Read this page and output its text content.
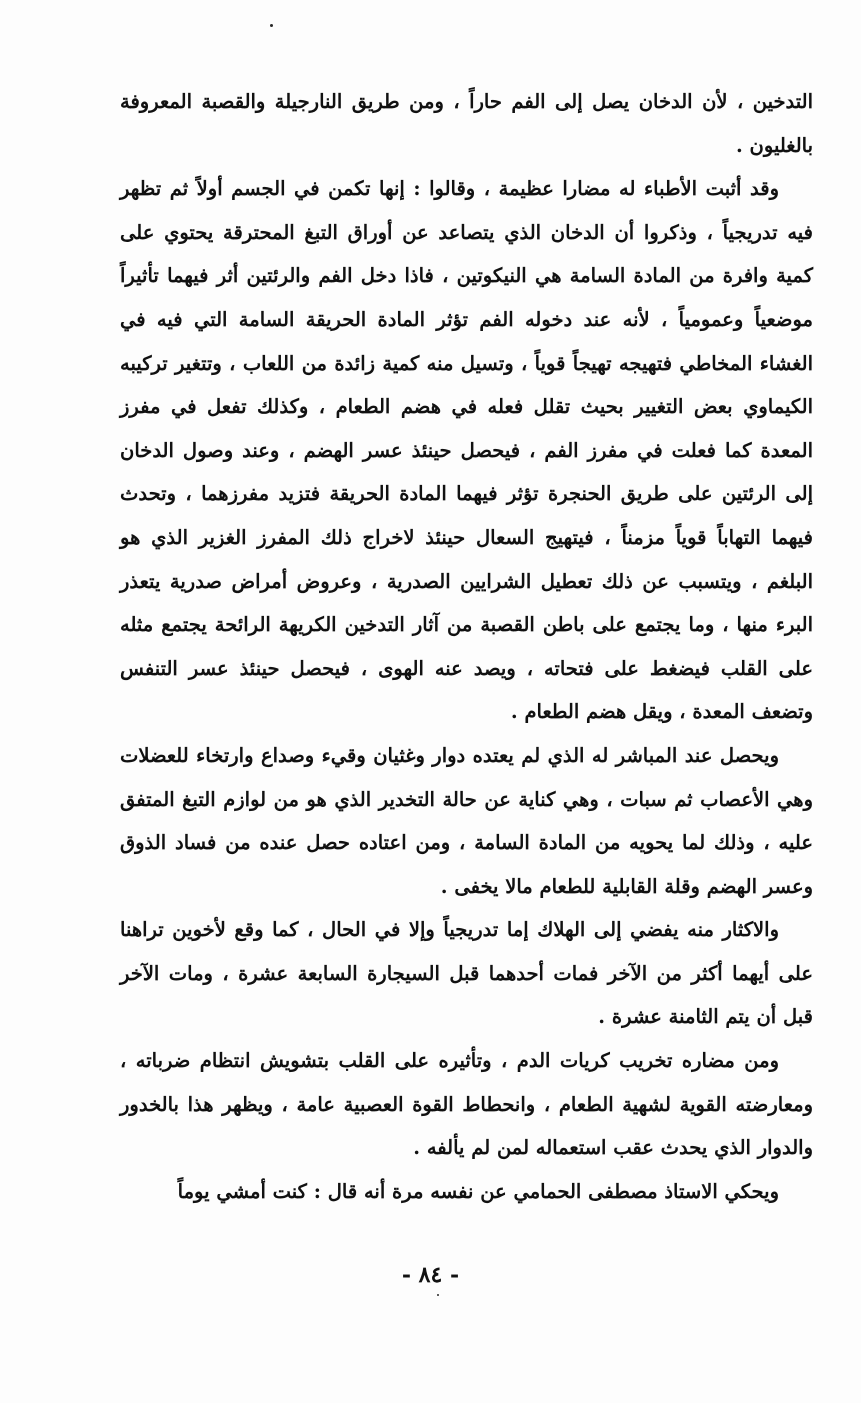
التدخين ، لأن الدخان يصل إلى الفم حاراً ، ومن طريق النارجيلة والقصبة المعروفة بالغليون .

وقد أثبت الأطباء له مضارا عظيمة ، وقالوا : إنها تكمن في الجسم أولاً ثم تظهر فيه تدريجياً ، وذكروا أن الدخان الذي يتصاعد عن أوراق التبغ المحترقة يحتوي على كمية وافرة من المادة السامة هي النيكوتين ، فاذا دخل الفم والرئتين أثر فيهما تأثيراً موضعياً وعمومياً ، لأنه عند دخوله الفم تؤثر المادة الحريقة السامة التي فيه في الغشاء المخاطي فتهيجه تهيجاً قوياً ، وتسيل منه كمية زائدة من اللعاب ، وتتغير تركيبه الكيماوي بعض التغيير بحيث تقلل فعله في هضم الطعام ، وكذلك تفعل في مفرز المعدة كما فعلت في مفرز الفم ، فيحصل حينئذ عسر الهضم ، وعند وصول الدخان إلى الرئتين على طريق الحنجرة تؤثر فيهما المادة الحريقة فتزيد مفرزهما ، وتحدث فيهما التهاباً قوياً مزمناً ، فيتهيج السعال حينئذ لاخراج ذلك المفرز الغزير الذي هو البلغم ، ويتسبب عن ذلك تعطيل الشرايين الصدرية ، وعروض أمراض صدرية يتعذر البرء منها ، وما يجتمع على باطن القصبة من آثار التدخين الكريهة الرائحة يجتمع مثله على القلب فيضغط على فتحاته ، ويصد عنه الهوى ، فيحصل حينئذ عسر التنفس وتضعف المعدة ، ويقل هضم الطعام .

ويحصل عند المباشر له الذي لم يعتده دوار وغثيان وقيء وصداع وارتخاء للعضلات وهي الأعصاب ثم سبات ، وهي كناية عن حالة التخدير الذي هو من لوازم التبغ المتفق عليه ، وذلك لما يحويه من المادة السامة ، ومن اعتاده حصل عنده من فساد الذوق وعسر الهضم وقلة القابلية للطعام مالا يخفى .

والاكثار منه يفضي إلى الهلاك إما تدريجياً وإلا في الحال ، كما وقع لأخوين تراهنا على أيهما أكثر من الآخر فمات أحدهما قبل السيجارة السابعة عشرة ، ومات الآخر قبل أن يتم الثامنة عشرة .

ومن مضاره تخريب كريات الدم ، وتأثيره على القلب بتشويش انتظام ضرباته ، ومعارضته القوية لشهية الطعام ، وانحطاط القوة العصبية عامة ، ويظهر هذا بالخدور والدوار الذي يحدث عقب استعماله لمن لم يألفه .

ويحكي الاستاذ مصطفى الحمامي عن نفسه مرة أنه قال : كنت أمشي يوماً

- ٨٤ -
